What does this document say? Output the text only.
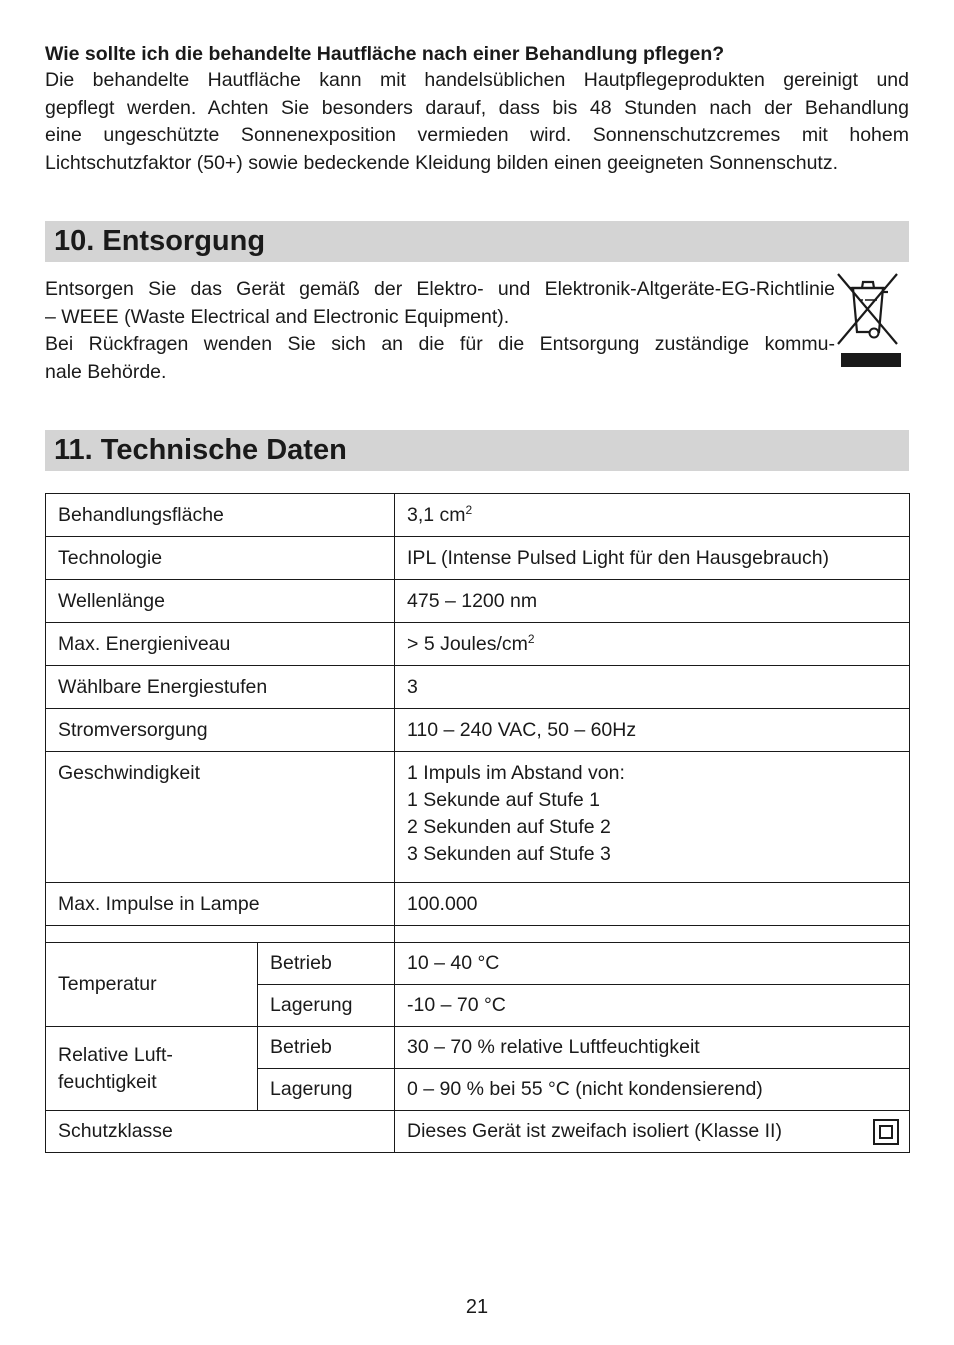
Wie sollte ich die behandelte Hautfläche nach einer Behandlung pflegen?
Die behandelte Hautfläche kann mit handelsüblichen Hautpflegeprodukten gereinigt und
gepflegt werden. Achten Sie besonders darauf, dass bis 48 Stunden nach der Behandlung
eine ungeschützte Sonnenexposition vermieden wird. Sonnenschutzcremes mit hohem
Lichtschutzfaktor (50+) sowie bedeckende Kleidung bilden einen geeigneten Sonnenschutz.
10. Entsorgung
Entsorgen Sie das Gerät gemäß der Elektro- und Elektronik-Altgeräte-EG-Richtlinie
– WEEE (Waste Electrical and Electronic Equipment).
Bei Rückfragen wenden Sie sich an die für die Entsorgung zuständige kommu-
nale Behörde.
11. Technische Daten
Behandlungsfläche		3,1 $cm^2$
Technologie		IPL (Intense Pulsed Light für den Hausgebrauch)
Wellenlänge		475 – 1200 nm
Max. Energieniveau		> 5 Joules/$cm^2$
Wählbare Energiestufen		3
Stromversorgung		110 – 240 VAC, 50 – 60Hz
Geschwindigkeit		1 Impuls im Abstand von:
1 Sekunde auf Stufe 1
2 Sekunden auf Stufe 2
3 Sekunden auf Stufe 3

Max. Impulse in Lampe		100.000

Temperatur	Betrieb	10 – 40 °C
	Lagerung	-10 – 70 °C

Relative Luft-
feuchtigkeit	Betrieb	30 – 70 % relative Luftfeuchtigkeit
	Lagerung	0 – 90 % bei 55 °C (nicht kondensierend)
Schutzklasse		Dieses Gerät ist zweifach isoliert (Klasse II)
21
